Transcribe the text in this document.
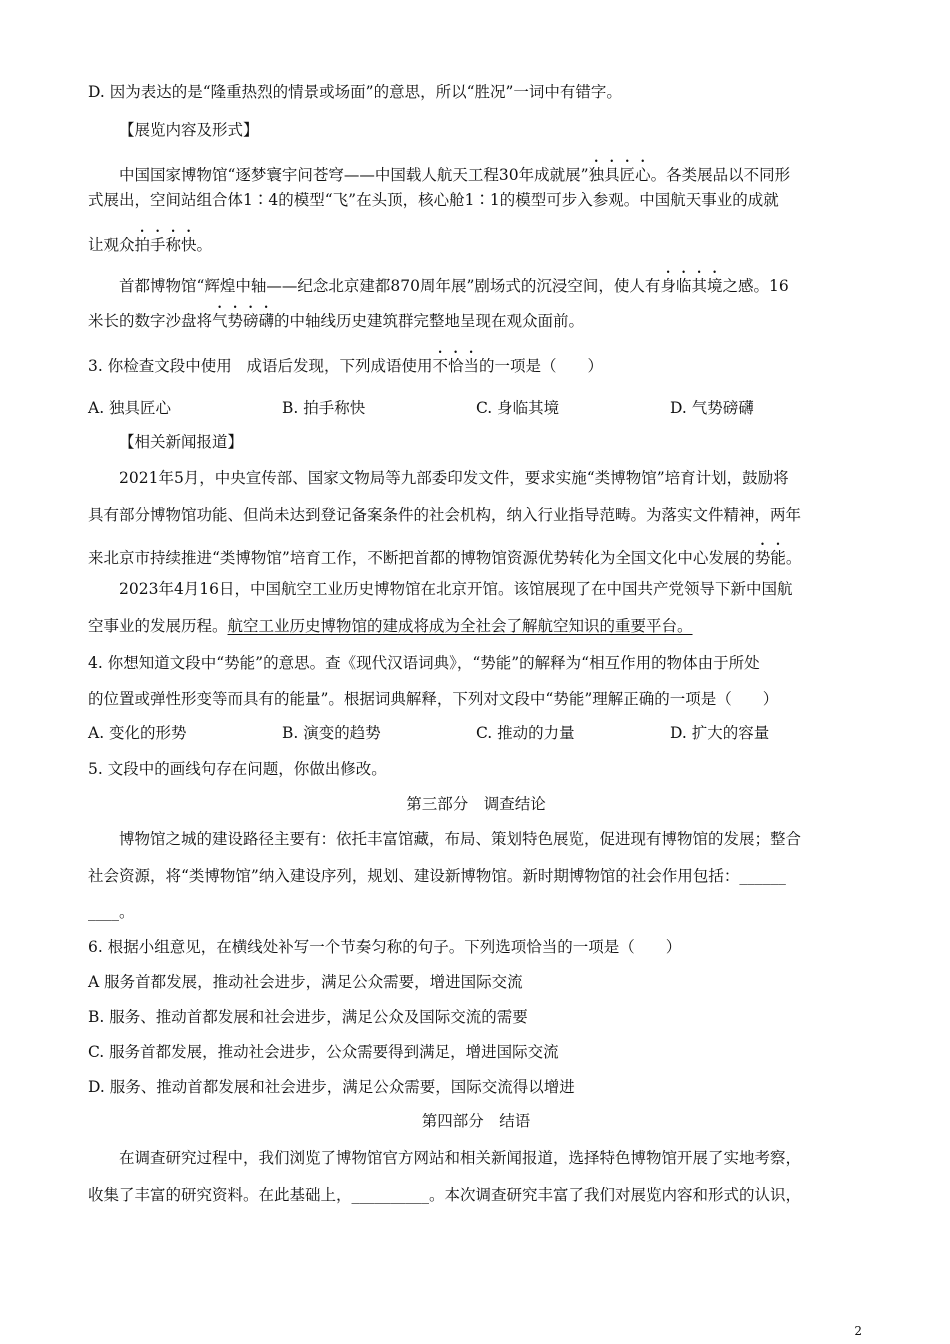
D. 因为表达的是“隆重热烈的情景或场面”的意思，所以“胜况”一词中有错字。
【展览内容及形式】
中国国家博物馆“逐梦寰宇问苍穹——中国载人航天工程30年成就展”独具匠心。各类展品以不同形
式展出，空间站组合体1∶4的模型“飞”在头顶，核心舱1∶1的模型可步入参观。中国航天事业的成就
让观众拍手称快。
首都博物馆“辉煌中轴——纪念北京建都870周年展”剧场式的沉浸空间，使人有身临其境之感。16
米长的数字沙盘将气势磅礴的中轴线历史建筑群完整地呈现在观众面前。
3. 你检查文段中使用 成语后发现，下列成语使用不恰当的一项是（　　）
A. 独具匠心	B. 拍手称快	C. 身临其境	D. 气势磅礴
【相关新闻报道】
2021年5月，中央宣传部、国家文物局等九部委印发文件，要求实施“类博物馆”培育计划，鼓励将
具有部分博物馆功能、但尚未达到登记备案条件的社会机构，纳入行业指导范畴。为落实文件精神，两年
来北京市持续推进“类博物馆”培育工作，不断把首都的博物馆资源优势转化为全国文化中心发展的势能。
2023年4月16日，中国航空工业历史博物馆在北京开馆。该馆展现了在中国共产党领导下新中国航
空事业的发展历程。航空工业历史博物馆的建成将成为全社会了解航空知识的重要平台。
4. 你想知道文段中“势能”的意思。查《现代汉语词典》，“势能”的解释为“相互作用的物体由于所处
的位置或弹性形变等而具有的能量”。根据词典解释，下列对文段中“势能”理解正确的一项是（　　）
A. 变化的形势	B. 演变的趋势	C. 推动的力量	D. 扩大的容量
5. 文段中的画线句存在问题，你做出修改。
第三部分　调查结论
博物馆之城的建设路径主要有：依托丰富馆藏，布局、策划特色展览，促进现有博物馆的发展；整合
社会资源，将“类博物馆”纳入建设序列，规划、建设新博物馆。新时期博物馆的社会作用包括：______
____。
6. 根据小组意见，在横线处补写一个节奏匀称的句子。下列选项恰当的一项是（　　）
A 服务首都发展，推动社会进步，满足公众需要，增进国际交流
B. 服务、推动首都发展和社会进步，满足公众及国际交流的需要
C. 服务首都发展，推动社会进步，公众需要得到满足，增进国际交流
D. 服务、推动首都发展和社会进步，满足公众需要，国际交流得以增进
第四部分　结语
在调查研究过程中，我们浏览了博物馆官方网站和相关新闻报道，选择特色博物馆开展了实地考察，
收集了丰富的研究资料。在此基础上，__________。本次调查研究丰富了我们对展览内容和形式的认识，
2
